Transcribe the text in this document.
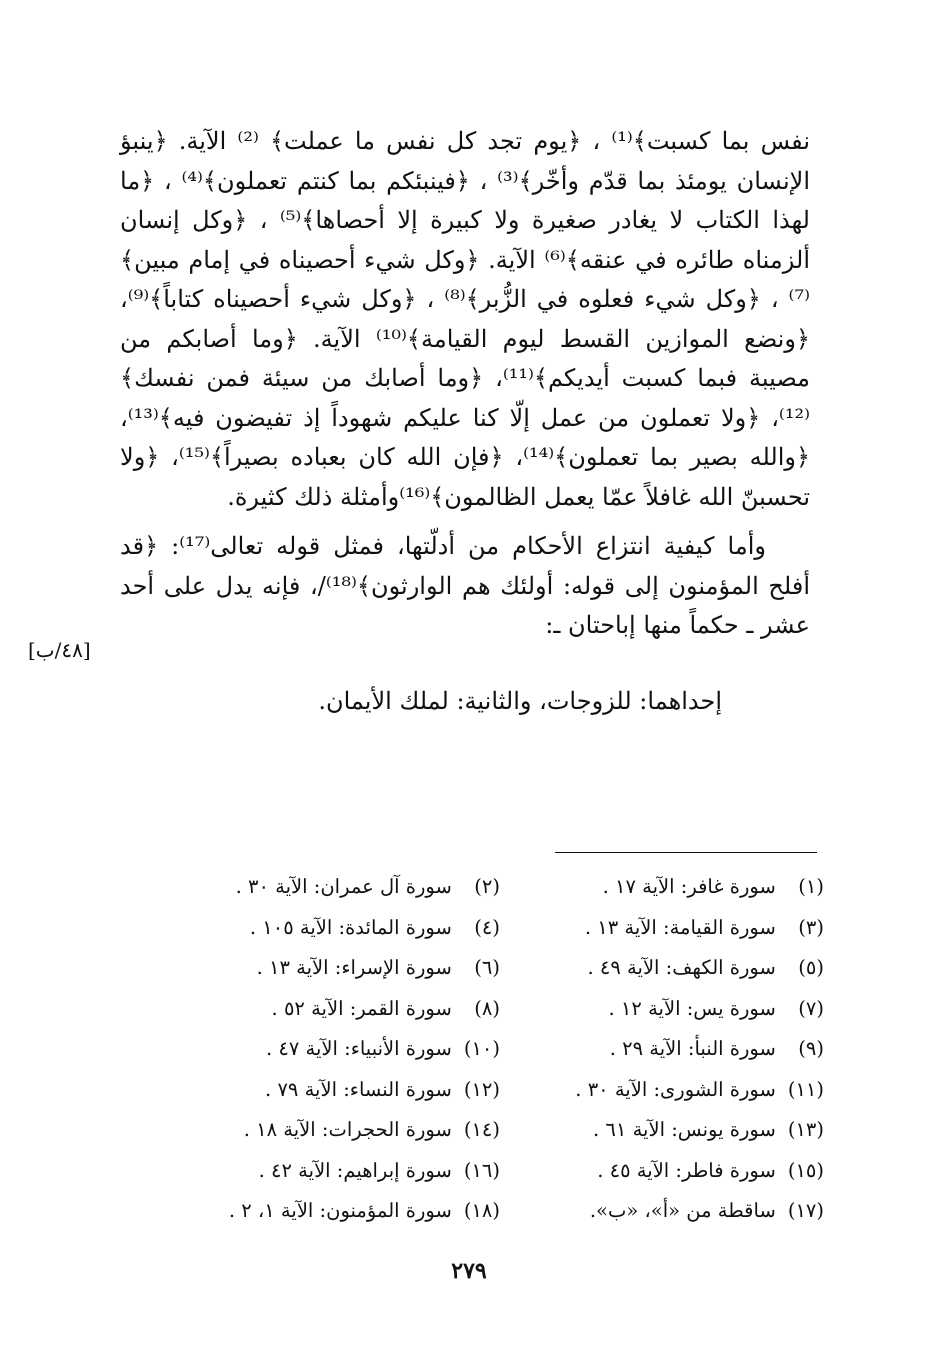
نفس بما كسبت﴾⁽¹⁾ ، ﴿يوم تجد كل نفس ما عملت﴾ ⁽²⁾ الآية. ﴿ينبؤ الإنسان يومئذ بما قدّم وأخّر﴾⁽³⁾ ، ﴿فينبئكم بما كنتم تعملون﴾⁽⁴⁾ ، ﴿ما لهذا الكتاب لا يغادر صغيرة ولا كبيرة إلا أحصاها﴾⁽⁵⁾ ، ﴿وكل إنسان ألزمناه طائره في عنقه﴾⁽⁶⁾ الآية. ﴿وكل شيء أحصيناه في إمام مبين﴾⁽⁷⁾ ، ﴿وكل شيء فعلوه في الزُّبر﴾⁽⁸⁾ ، ﴿وكل شيء أحصيناه كتاباً﴾⁽⁹⁾، ﴿ونضع الموازين القسط ليوم القيامة﴾⁽¹⁰⁾ الآية. ﴿وما أصابكم من مصيبة فبما كسبت أيديكم﴾⁽¹¹⁾، ﴿وما أصابك من سيئة فمن نفسك﴾⁽¹²⁾، ﴿ولا تعملون من عمل إلّا كنا عليكم شهوداً إذ تفيضون فيه﴾⁽¹³⁾، ﴿والله بصير بما تعملون﴾⁽¹⁴⁾، ﴿فإن الله كان بعباده بصيراً﴾⁽¹⁵⁾، ﴿ولا تحسبنّ الله غافلاً عمّا يعمل الظالمون﴾⁽¹⁶⁾وأمثلة ذلك كثيرة.

وأما كيفية انتزاع الأحكام من أدلّتها، فمثل قوله تعالى⁽¹⁷⁾: ﴿قد أفلح المؤمنون إلى قوله: أولئك هم الوارثون﴾⁽¹⁸⁾/، فإنه يدل على أحد عشر ـ حكماً منها إباحتان ـ:

إحداهما: للزوجات، والثانية: لملك الأيمان.

[٤٨/ب]
(١) سورة غافر: الآية ١٧ .
(٢) سورة آل عمران: الآية ٣٠ .
(٣) سورة القيامة: الآية ١٣ .
(٤) سورة المائدة: الآية ١٠٥ .
(٥) سورة الكهف: الآية ٤٩ .
(٦) سورة الإسراء: الآية ١٣ .
(٧) سورة يس: الآية ١٢ .
(٨) سورة القمر: الآية ٥٢ .
(٩) سورة النبأ: الآية ٢٩ .
(١٠) سورة الأنبياء: الآية ٤٧ .
(١١) سورة الشورى: الآية ٣٠ .
(١٢) سورة النساء: الآية ٧٩ .
(١٣) سورة يونس: الآية ٦١ .
(١٤) سورة الحجرات: الآية ١٨ .
(١٥) سورة فاطر: الآية ٤٥ .
(١٦) سورة إبراهيم: الآية ٤٢ .
(١٧) ساقطة من «أ»، «ب».
(١٨) سورة المؤمنون: الآية ١، ٢ .
٢٧٩
